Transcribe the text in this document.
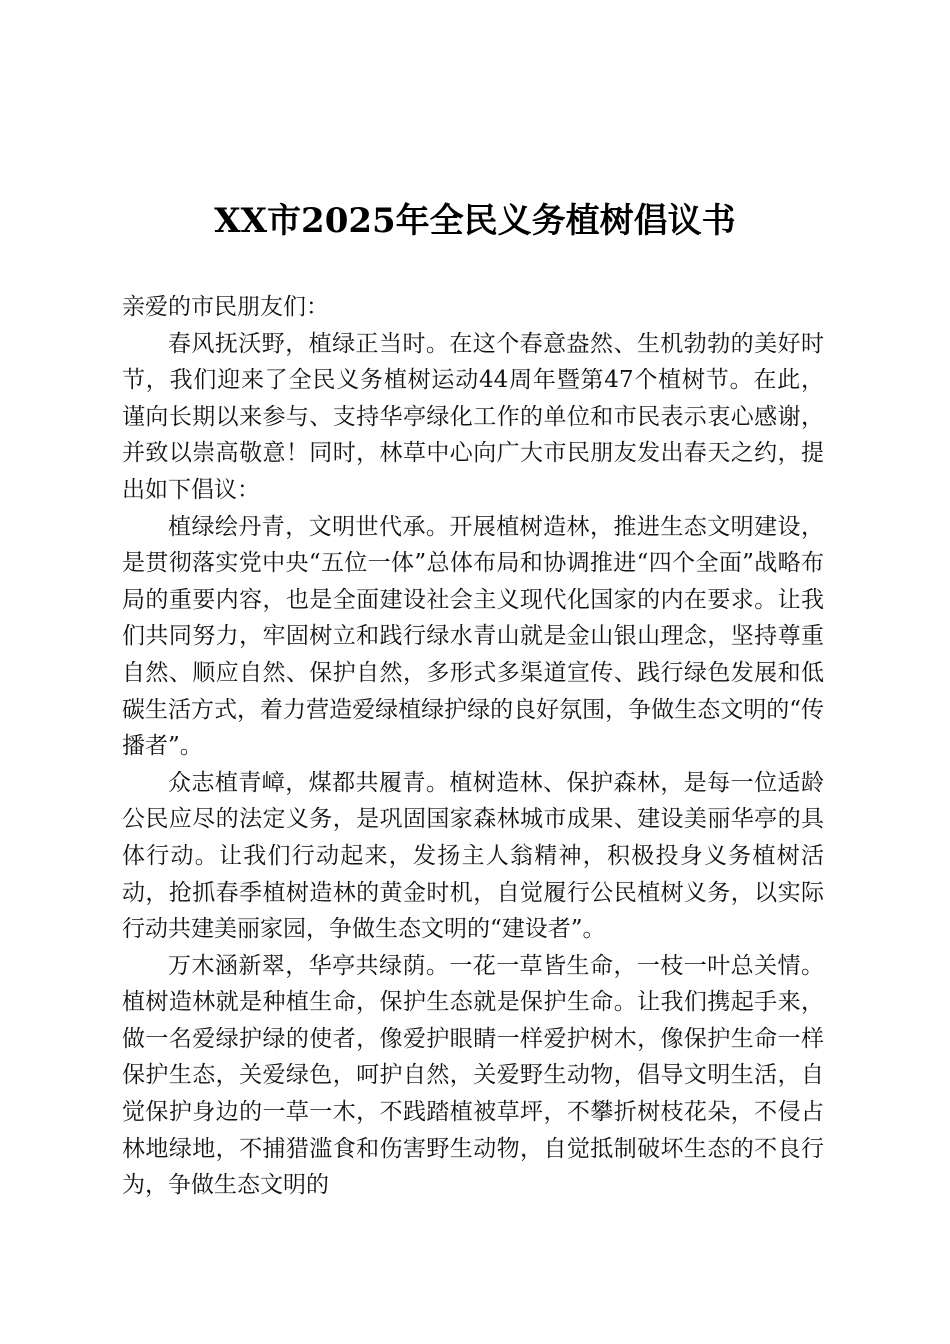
XX市2025年全民义务植树倡议书

亲爱的市民朋友们：

春风抚沃野，植绿正当时。在这个春意盎然、生机勃勃的美好时节，我们迎来了全民义务植树运动44周年暨第47个植树节。在此，谨向长期以来参与、支持华亭绿化工作的单位和市民表示衷心感谢，并致以崇高敬意！同时，林草中心向广大市民朋友发出春天之约，提出如下倡议：

植绿绘丹青，文明世代承。开展植树造林，推进生态文明建设，是贯彻落实党中央“五位一体”总体布局和协调推进“四个全面”战略布局的重要内容，也是全面建设社会主义现代化国家的内在要求。让我们共同努力，牢固树立和践行绿水青山就是金山银山理念，坚持尊重自然、顺应自然、保护自然，多形式多渠道宣传、践行绿色发展和低碳生活方式，着力营造爱绿植绿护绿的良好氛围，争做生态文明的“传播者”。

众志植青嶂，煤都共履青。植树造林、保护森林，是每一位适龄公民应尽的法定义务，是巩固国家森林城市成果、建设美丽华亭的具体行动。让我们行动起来，发扬主人翁精神，积极投身义务植树活动，抢抓春季植树造林的黄金时机，自觉履行公民植树义务，以实际行动共建美丽家园，争做生态文明的“建设者”。

万木涵新翠，华亭共绿荫。一花一草皆生命，一枝一叶总关情。植树造林就是种植生命，保护生态就是保护生命。让我们携起手来，做一名爱绿护绿的使者，像爱护眼睛一样爱护树木，像保护生命一样保护生态，关爱绿色，呵护自然，关爱野生动物，倡导文明生活，自觉保护身边的一草一木，不践踏植被草坪，不攀折树枝花朵，不侵占林地绿地，不捕猎滥食和伤害野生动物，自觉抵制破坏生态的不良行为，争做生态文明的
